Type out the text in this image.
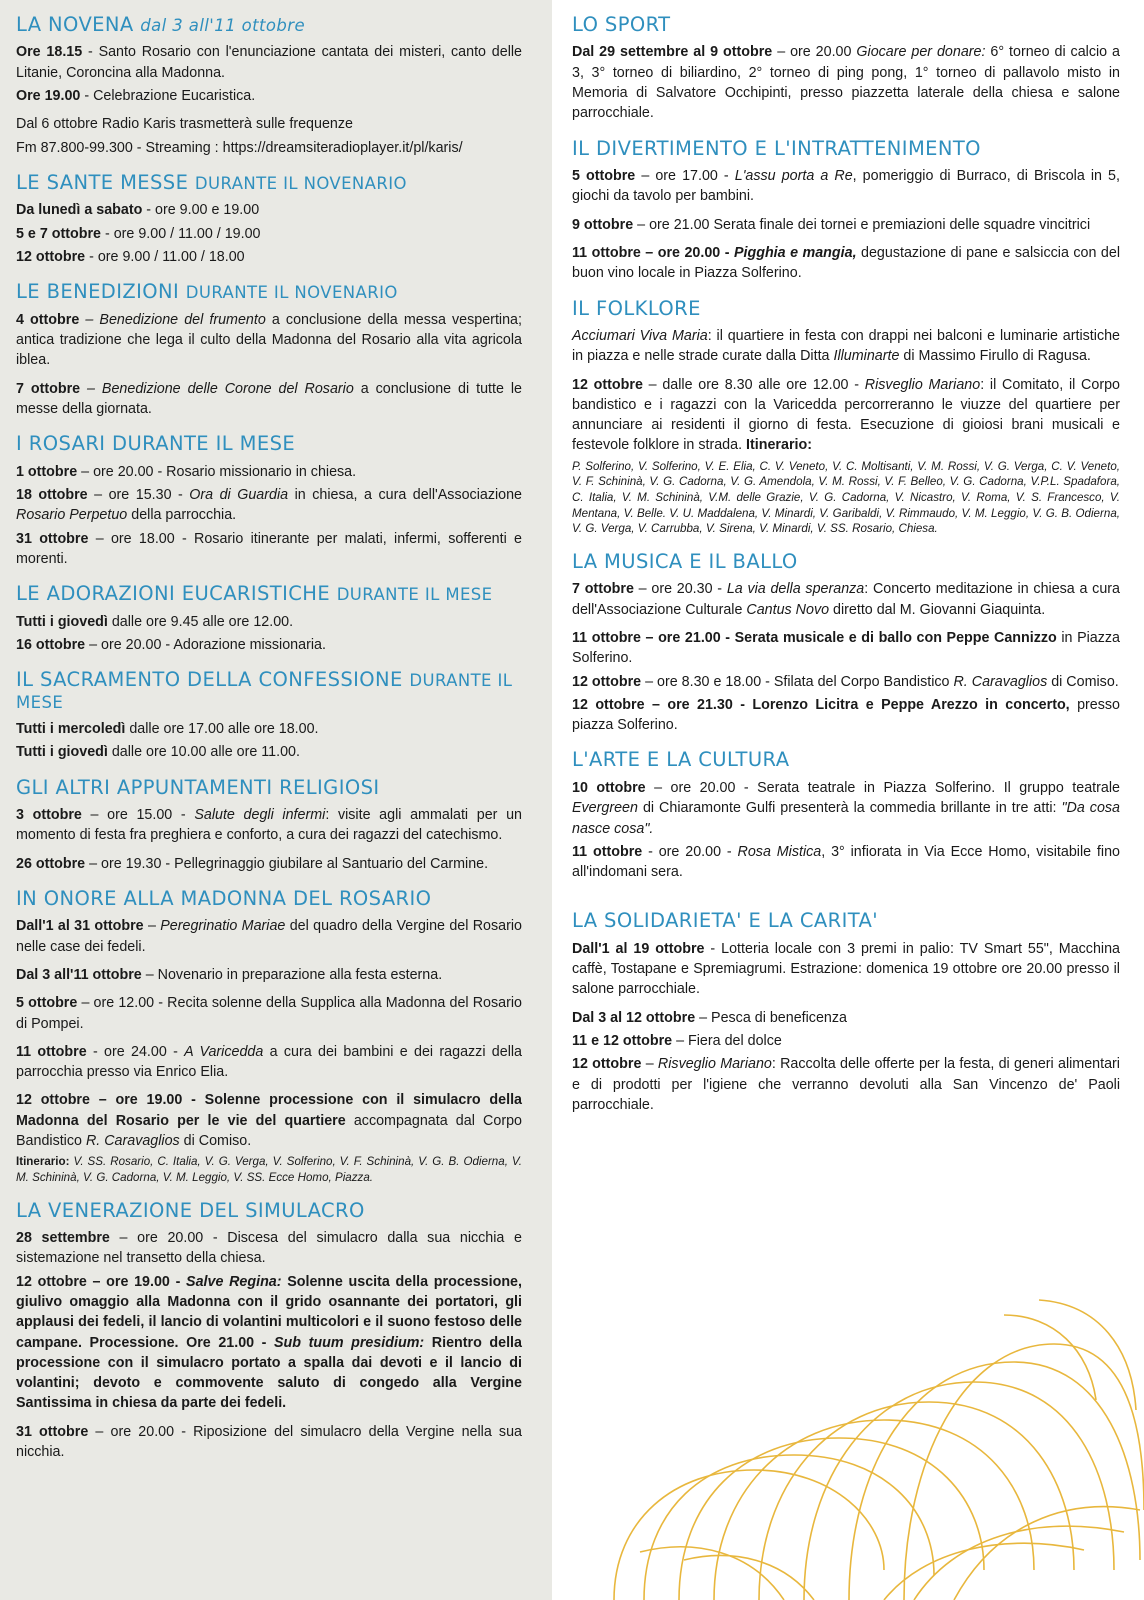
LA NOVENA dal 3 all'11 ottobre

Ore 18.15 - Santo Rosario con l'enunciazione cantata dei misteri, canto delle Litanie, Coroncina alla Madonna.

Ore 19.00 - Celebrazione Eucaristica.

Dal 6 ottobre Radio Karis trasmetterà sulle frequenze

Fm 87.800-99.300 - Streaming : https://dreamsiteradioplayer.it/pl/karis/

LE SANTE MESSE DURANTE IL NOVENARIO

Da lunedì a sabato - ore 9.00 e 19.00

5 e 7 ottobre - ore 9.00 / 11.00 / 19.00

12 ottobre - ore 9.00 / 11.00 / 18.00

LE BENEDIZIONI DURANTE IL NOVENARIO

4 ottobre – Benedizione del frumento a conclusione della messa vespertina; antica tradizione che lega il culto della Madonna del Rosario alla vita agricola iblea.

7 ottobre – Benedizione delle Corone del Rosario a conclusione di tutte le messe della giornata.

I ROSARI DURANTE IL MESE

1 ottobre – ore 20.00 - Rosario missionario in chiesa.

18 ottobre – ore 15.30 - Ora di Guardia in chiesa, a cura dell'Associazione Rosario Perpetuo della parrocchia.

31 ottobre – ore 18.00 - Rosario itinerante per malati, infermi, sofferenti e morenti.

LE ADORAZIONI EUCARISTICHE DURANTE IL MESE

Tutti i giovedì dalle ore 9.45 alle ore 12.00.

16 ottobre – ore 20.00 - Adorazione missionaria.

IL SACRAMENTO DELLA CONFESSIONE DURANTE IL MESE

Tutti i mercoledì dalle ore 17.00 alle ore 18.00.

Tutti i giovedì dalle ore 10.00 alle ore 11.00.

GLI ALTRI APPUNTAMENTI RELIGIOSI

3 ottobre – ore 15.00 - Salute degli infermi: visite agli ammalati per un momento di festa fra preghiera e conforto, a cura dei ragazzi del catechismo.

26 ottobre – ore 19.30 - Pellegrinaggio giubilare al Santuario del Carmine.

IN ONORE ALLA MADONNA DEL ROSARIO

Dall'1 al 31 ottobre – Peregrinatio Mariae del quadro della Vergine del Rosario nelle case dei fedeli.

Dal 3 all'11 ottobre – Novenario in preparazione alla festa esterna.

5 ottobre – ore 12.00 - Recita solenne della Supplica alla Madonna del Rosario di Pompei.

11 ottobre - ore 24.00 - A Varicedda a cura dei bambini e dei ragazzi della parrocchia presso via Enrico Elia.

12 ottobre – ore 19.00 - Solenne processione con il simulacro della Madonna del Rosario per le vie del quartiere accompagnata dal Corpo Bandistico R. Caravaglios di Comiso.

Itinerario: V. SS. Rosario, C. Italia, V. G. Verga, V. Solferino, V. F. Schininà, V. G. B. Odierna, V. M. Schininà, V. G. Cadorna, V. M. Leggio, V. SS. Ecce Homo, Piazza.

LA VENERAZIONE DEL SIMULACRO

28 settembre – ore 20.00 - Discesa del simulacro dalla sua nicchia e sistemazione nel transetto della chiesa.

12 ottobre – ore 19.00 - Salve Regina: Solenne uscita della processione, giulivo omaggio alla Madonna con il grido osannante dei portatori, gli applausi dei fedeli, il lancio di volantini multicolori e il suono festoso delle campane. Processione. Ore 21.00 - Sub tuum presidium: Rientro della processione con il simulacro portato a spalla dai devoti e il lancio di volantini; devoto e commovente saluto di congedo alla Vergine Santissima in chiesa da parte dei fedeli.

31 ottobre – ore 20.00 - Riposizione del simulacro della Vergine nella sua nicchia.

LO SPORT

Dal 29 settembre al 9 ottobre – ore 20.00 Giocare per donare: 6° torneo di calcio a 3, 3° torneo di biliardino, 2° torneo di ping pong, 1° torneo di pallavolo misto in Memoria di Salvatore Occhipinti, presso piazzetta laterale della chiesa e salone parrocchiale.

IL DIVERTIMENTO E L'INTRATTENIMENTO

5 ottobre – ore 17.00 - L'assu porta a Re, pomeriggio di Burraco, di Briscola in 5, giochi da tavolo per bambini.

9 ottobre – ore 21.00 Serata finale dei tornei e premiazioni delle squadre vincitrici

11 ottobre – ore 20.00 - Pigghia e mangia, degustazione di pane e salsiccia con del buon vino locale in Piazza Solferino.

IL FOLKLORE

Acciumari Viva Maria: il quartiere in festa con drappi nei balconi e luminarie artistiche in piazza e nelle strade curate dalla Ditta Illuminarte di Massimo Firullo di Ragusa.

12 ottobre – dalle ore 8.30 alle ore 12.00 - Risveglio Mariano: il Comitato, il Corpo bandistico e i ragazzi con la Varicedda percorreranno le viuzze del quartiere per annunciare ai residenti il giorno di festa. Esecuzione di gioiosi brani musicali e festevole folklore in strada. Itinerario:

P. Solferino, V. Solferino, V. E. Elia, C. V. Veneto, V. C. Moltisanti, V. M. Rossi, V. G. Verga, C. V. Veneto, V. F. Schininà, V. G. Cadorna, V. G. Amendola, V. M. Rossi, V. F. Belleo, V. G. Cadorna, V.P.L. Spadafora, C. Italia, V. M. Schininà, V.M. delle Grazie, V. G. Cadorna, V. Nicastro, V. Roma, V. S. Francesco, V. Mentana, V. Belle. V. U. Maddalena, V. Minardi, V. Garibaldi, V. Rimmaudo, V. M. Leggio, V. G. B. Odierna, V. G. Verga, V. Carrubba, V. Sirena, V. Minardi, V. SS. Rosario, Chiesa.

LA MUSICA E IL BALLO

7 ottobre – ore 20.30 - La via della speranza: Concerto meditazione in chiesa a cura dell'Associazione Culturale Cantus Novo diretto dal M. Giovanni Giaquinta.

11 ottobre – ore 21.00 - Serata musicale e di ballo con Peppe Cannizzo in Piazza Solferino.

12 ottobre – ore 8.30 e 18.00 - Sfilata del Corpo Bandistico R. Caravaglios di Comiso.

12 ottobre – ore 21.30 - Lorenzo Licitra e Peppe Arezzo in concerto, presso piazza Solferino.

L'ARTE E LA CULTURA

10 ottobre – ore 20.00 - Serata teatrale in Piazza Solferino. Il gruppo teatrale Evergreen di Chiaramonte Gulfi presenterà la commedia brillante in tre atti: "Da cosa nasce cosa".

11 ottobre - ore 20.00 - Rosa Mistica, 3° infiorata in Via Ecce Homo, visitabile fino all'indomani sera.

LA SOLIDARIETA' E LA CARITA'

Dall'1 al 19 ottobre - Lotteria locale con 3 premi in palio: TV Smart 55", Macchina caffè, Tostapane e Spremiagrumi. Estrazione: domenica 19 ottobre ore 20.00 presso il salone parrocchiale.

Dal 3 al 12 ottobre – Pesca di beneficenza

11 e 12 ottobre – Fiera del dolce

12 ottobre – Risveglio Mariano: Raccolta delle offerte per la festa, di generi alimentari e di prodotti per l'igiene che verranno devoluti alla San Vincenzo de' Paoli parrocchiale.
